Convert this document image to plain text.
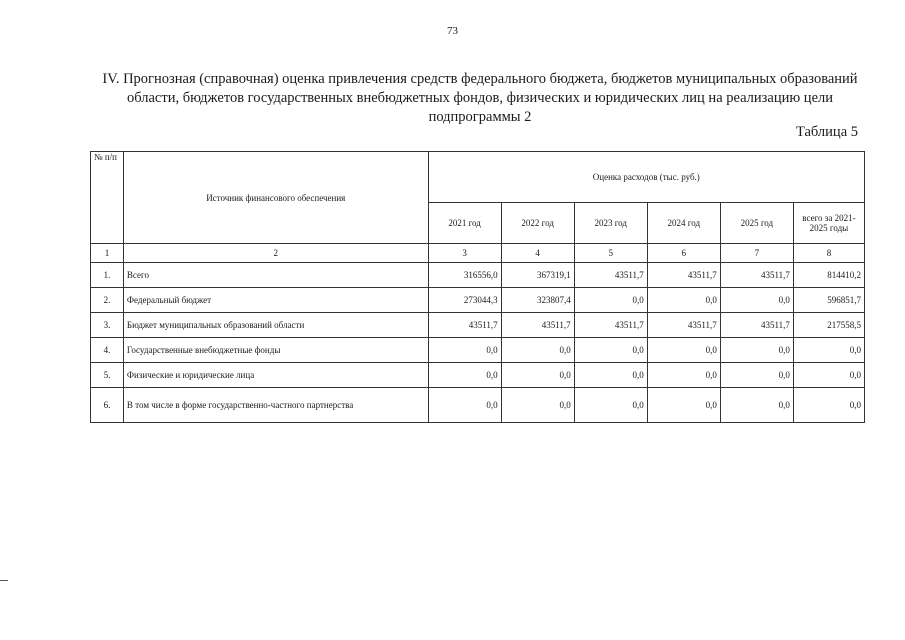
73
IV. Прогнозная (справочная) оценка привлечения средств федерального бюджета, бюджетов муниципальных образований области, бюджетов государственных внебюджетных фондов, физических и юридических лиц на реализацию цели подпрограммы 2
Таблица 5
№ п/п	Источник финансового обеспечения	Оценка расходов (тыс. руб.)					
		2021 год	2022 год	2023 год	2024 год	2025 год	всего за 2021-2025 годы
1	2	3	4	5	6	7	8
1.	Всего	316556,0	367319,1	43511,7	43511,7	43511,7	814410,2
2.	Федеральный бюджет	273044,3	323807,4	0,0	0,0	0,0	596851,7
3.	Бюджет муниципальных образований области	43511,7	43511,7	43511,7	43511,7	43511,7	217558,5
4.	Государственные внебюджетные фонды	0,0	0,0	0,0	0,0	0,0	0,0
5.	Физические и юридические лица	0,0	0,0	0,0	0,0	0,0	0,0
6.	В том числе в форме государственно-частного партнерства	0,0	0,0	0,0	0,0	0,0	0,0
